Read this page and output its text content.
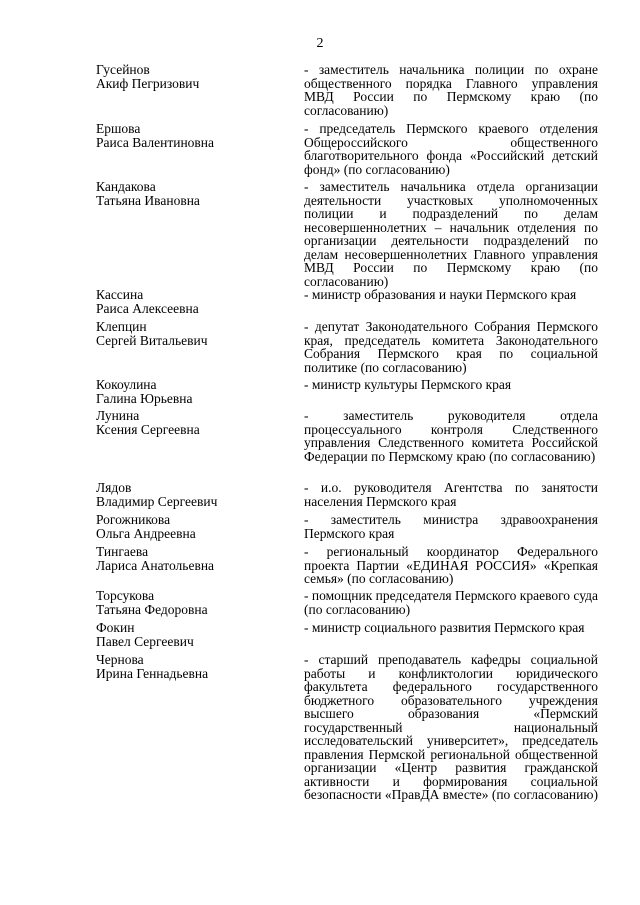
2
Гусейнов
Акиф Пегризович
- заместитель начальника полиции по охране общественного порядка Главного управления МВД России по Пермскому краю (по согласованию)
Ершова
Раиса Валентиновна
- председатель Пермского краевого отделения Общероссийского общественного благотворительного фонда «Российский детский фонд» (по согласованию)
Кандакова
Татьяна Ивановна
- заместитель начальника отдела организации деятельности участковых уполномоченных полиции и подразделений по делам несовершеннолетних – начальник отделения по организации деятельности подразделений по делам несовершеннолетних Главного управления МВД России по Пермскому краю (по согласованию)
Кассина
Раиса Алексеевна
- министр образования и науки Пермского края
Клепцин
Сергей Витальевич
- депутат Законодательного Собрания Пермского края, председатель комитета Законодательного Собрания Пермского края по социальной политике (по согласованию)
Кокоулина
Галина Юрьевна
- министр культуры Пермского края
Лунина
Ксения Сергеевна
- заместитель руководителя отдела процессуального контроля Следственного управления Следственного комитета Российской Федерации по Пермскому краю (по согласованию)
Лядов
Владимир Сергеевич
- и.о. руководителя Агентства по занятости населения Пермского края
Рогожникова
Ольга Андреевна
- заместитель министра здравоохранения Пермского края
Тингаева
Лариса Анатольевна
- региональный координатор Федерального проекта Партии «ЕДИНАЯ РОССИЯ» «Крепкая семья» (по согласованию)
Торсукова
Татьяна Федоровна
- помощник председателя Пермского краевого суда (по согласованию)
Фокин
Павел Сергеевич
- министр социального развития Пермского края
Чернова
Ирина Геннадьевна
- старший преподаватель кафедры социальной работы и конфликтологии юридического факультета федерального государственного бюджетного образовательного учреждения высшего образования «Пермский государственный национальный исследовательский университет», председатель правления Пермской региональной общественной организации «Центр развития гражданской активности и формирования социальной безопасности «ПравДА вместе» (по согласованию)
